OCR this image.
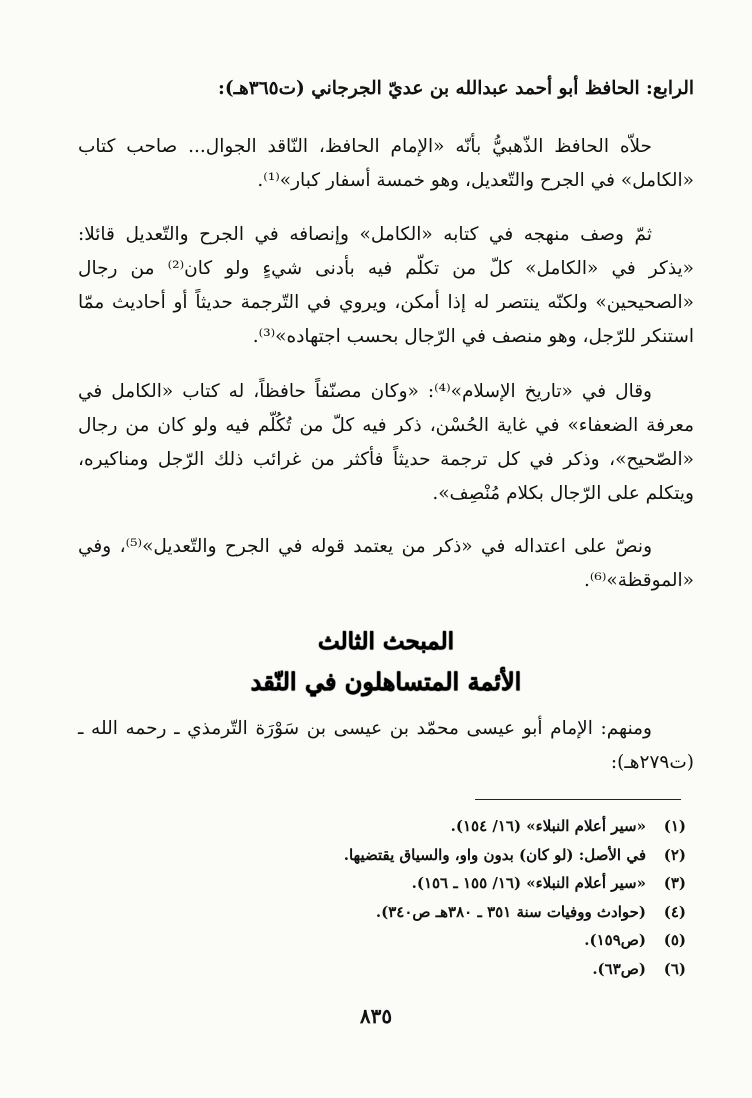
الرابع: الحافظ أبو أحمد عبدالله بن عديّ الجرجاني (ت٣٦٥هـ):
حلاّه الحافظ الذّهبيُّ بأنّه «الإمام الحافظ، النّاقد الجوال... صاحب كتاب «الكامل» في الجرح والتّعديل، وهو خمسة أسفار كبار»⁽¹⁾.
ثمّ وصف منهجه في كتابه «الكامل» وإنصافه في الجرح والتّعديل قائلا: «يذكر في «الكامل» كلّ من تكلّم فيه بأدنى شيءٍ ولو كان⁽²⁾ من رجال «الصحيحين» ولكنّه ينتصر له إذا أمكن، ويروي في التّرجمة حديثاً أو أحاديث ممّا استنكر للرّجل، وهو منصف في الرّجال بحسب اجتهاده»⁽³⁾.
وقال في «تاريخ الإسلام»⁽⁴⁾: «وكان مصنّفاً حافظاً، له كتاب «الكامل في معرفة الضعفاء» في غاية الحُسْن، ذكر فيه كلّ من تُكُلّم فيه ولو كان من رجال «الصّحيح»، وذكر في كل ترجمة حديثاً فأكثر من غرائب ذلك الرّجل ومناكيره، ويتكلم على الرّجال بكلام مُنْصِف».
ونصّ على اعتداله في «ذكر من يعتمد قوله في الجرح والتّعديل»⁽⁵⁾، وفي «الموقظة»⁽⁶⁾.
المبحث الثالث
الأئمة المتساهلون في النّقد
ومنهم: الإمام أبو عيسى محمّد بن عيسى بن سَوْرَة التّرمذي ـ رحمه الله ـ (ت٢٧٩هـ):
(١)
«سير أعلام النبلاء» (١٦/ ١٥٤).
(٢)
في الأصل: (لو كان) بدون واو، والسياق يقتضيها.
(٣)
«سير أعلام النبلاء» (١٦/ ١٥٥ ـ ١٥٦).
(٤)
(حوادث ووفيات سنة ٣٥١ ـ ٣٨٠هـ ص٣٤٠).
(٥)
(ص١٥٩).
(٦)
(ص٦٣).
٨٣٥
